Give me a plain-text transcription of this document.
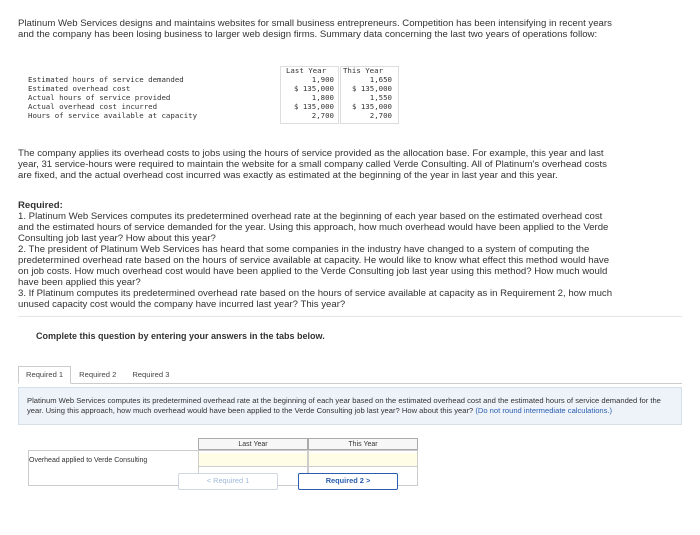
Platinum Web Services designs and maintains websites for small business entrepreneurs. Competition has been intensifying in recent years and the company has been losing business to larger web design firms. Summary data concerning the last two years of operations follow:
Last Year	This Year
Estimated hours of service demanded	1,900	1,650
Estimated overhead cost	$ 135,000	$ 135,000
Actual hours of service provided	1,800	1,550
Actual overhead cost incurred	$ 135,000	$ 135,000
Hours of service available at capacity	2,700	2,700
The company applies its overhead costs to jobs using the hours of service provided as the allocation base. For example, this year and last year, 31 service-hours were required to maintain the website for a small company called Verde Consulting. All of Platinum's overhead costs are fixed, and the actual overhead cost incurred was exactly as estimated at the beginning of the year in last year and this year.

Required:

1. Platinum Web Services computes its predetermined overhead rate at the beginning of each year based on the estimated overhead cost and the estimated hours of service demanded for the year. Using this approach, how much overhead would have been applied to the Verde Consulting job last year? How about this year?

2. The president of Platinum Web Services has heard that some companies in the industry have changed to a system of computing the predetermined overhead rate based on the hours of service available at capacity. He would like to know what effect this method would have on job costs. How much overhead cost would have been applied to the Verde Consulting job last year using this method? How much would have been applied this year?

3. If Platinum computes its predetermined overhead rate based on the hours of service available at capacity as in Requirement 2, how much unused capacity cost would the company have incurred last year? This year?

Complete this question by entering your answers in the tabs below.
Required 1	Required 2	Required 3
Platinum Web Services computes its predetermined overhead rate at the beginning of each year based on the estimated overhead cost and the estimated hours of service demanded for the year. Using this approach, how much overhead would have been applied to the Verde Consulting job last year? How about this year? (Do not round intermediate calculations.)
Last Year	This Year
Overhead applied to Verde Consulting
< Required 1	Required 2 >
